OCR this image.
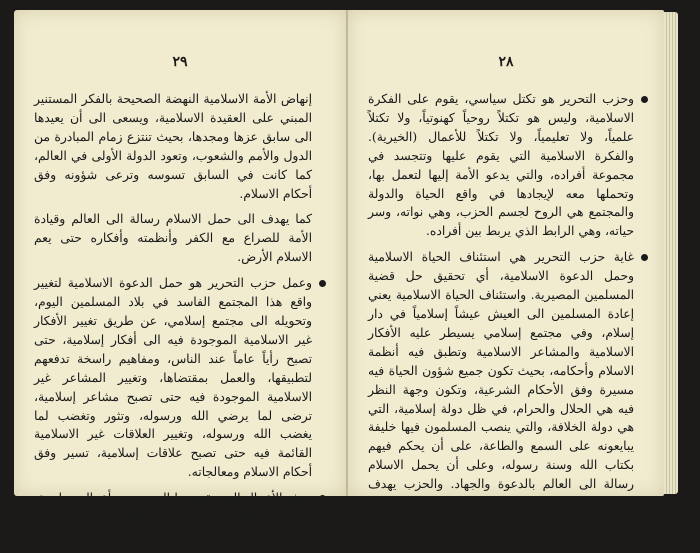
٢٩

إنهاض الأمة الاسلامية النهضة الصحيحة بالفكر المستنير المبني على العقيدة الاسلامية، ويسعى الى أن يعيدها الى سابق عزها ومجدها، بحيث تنتزع زمام المبادرة من الدول والأمم والشعوب، وتعود الدولة الأولى في العالم، كما كانت في السابق تسوسه وترعى شؤونه وفق أحكام الاسلام.

كما يهدف الى حمل الاسلام رسالة الى العالم وقيادة الأمة للصراع مع الكفر وأنظمته وأفكاره حتى يعم الاسلام الأرض.

وعمل حزب التحرير هو حمل الدعوة الاسلامية لتغيير واقع هذا المجتمع الفاسد في بلاد المسلمين اليوم، وتحويله الى مجتمع إسلامي، عن طريق تغيير الأفكار غير الاسلامية الموجودة فيه الى أفكار إسلامية، حتى تصبح رأياً عاماً عند الناس، ومفاهيم راسخة تدفعهم لتطبيقها، والعمل بمقتضاها، وتغيير المشاعر غير الاسلامية الموجودة فيه حتى تصبح مشاعر إسلامية، ترضى لما يرضي الله ورسوله، وتثور وتغضب لما يغضب الله ورسوله، وتغيير العلاقات غير الاسلامية القائمة فيه حتى تصبح علاقات إسلامية، تسير وفق أحكام الاسلام ومعالجاته.

وهذه الأعمال التي يقوم بها الحزب هي أعمال سياسية، إذ يرعى الحزب فيها شؤون الناس، وفق الأحكام والمعالجات

٢٨

وحزب التحرير هو تكتل سياسي، يقوم على الفكرة الاسلامية، وليس هو تكتلاً روحياً كهنوتياً، ولا تكتلاً علمياً، ولا تعليمياً، ولا تكتلاً للأعمال (الخيرية). والفكرة الاسلامية التي يقوم عليها وتتجسد في مجموعة أفراده، والتي يدعو الأمة إليها لتعمل بها، وتحملها معه لإيجادها في واقع الحياة والدولة والمجتمع هي الروح لجسم الحزب، وهي نواته، وسر حياته، وهي الرابط الذي يربط بين أفراده.

غاية حزب التحرير هي استئناف الحياة الاسلامية وحمل الدعوة الاسلامية، أي تحقيق حل قضية المسلمين المصيرية. واستئناف الحياة الاسلامية يعني إعادة المسلمين الى العيش عيشاً إسلامياً في دار إسلام، وفي مجتمع إسلامي يسيطر عليه الأفكار الاسلامية والمشاعر الاسلامية وتطبق فيه أنظمة الاسلام وأحكامه، بحيث تكون جميع شؤون الحياة فيه مسيرة وفق الأحكام الشرعية، وتكون وجهة النظر فيه هي الحلال والحرام، في ظل دولة إسلامية، التي هي دولة الخلافة، والتي ينصب المسلمون فيها خليفة يبايعونه على السمع والطاعة، على أن يحكم فيهم بكتاب الله وسنة رسوله، وعلى أن يحمل الاسلام رسالة الى العالم بالدعوة والجهاد. والحزب يهدف الى
